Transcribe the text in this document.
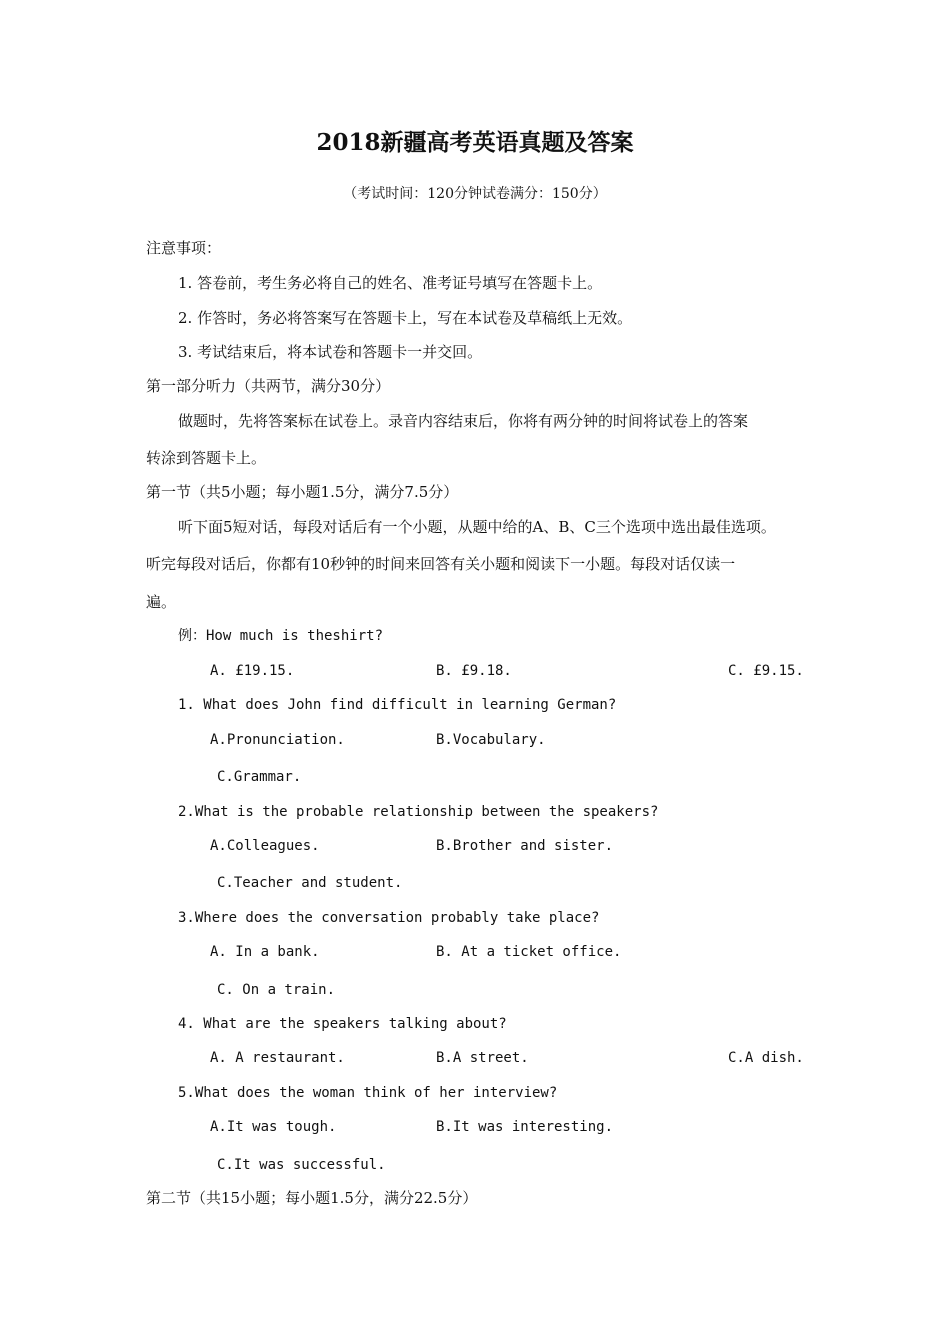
2018新疆高考英语真题及答案
（考试时间：120分钟试卷满分：150分）
注意事项：
1. 答卷前，考生务必将自己的姓名、准考证号填写在答题卡上。
2. 作答时，务必将答案写在答题卡上，写在本试卷及草稿纸上无效。
3. 考试结束后，将本试卷和答题卡一并交回。
第一部分听力（共两节，满分30分）
做题时，先将答案标在试卷上。录音内容结束后，你将有两分钟的时间将试卷上的答案
转涂到答题卡上。
第一节（共5小题；每小题1.5分，满分7.5分）
听下面5短对话，每段对话后有一个小题，从题中给的A、B、C三个选项中选出最佳选项。
听完每段对话后，你都有10秒钟的时间来回答有关小题和阅读下一小题。每段对话仅读一
遍。
例：How much is theshirt?
A. £19.15.	B. £9.18.	C. £9.15.
1. What does John find difficult in learning German?
A.Pronunciation.	B.Vocabulary.
C.Grammar.
2.What is the probable relationship between the speakers?
A.Colleagues.	B.Brother and sister.
C.Teacher and student.
3.Where does the conversation probably take place?
A. In a bank.	B. At a ticket office.
C. On a train.
4. What are the speakers talking about?
A. A restaurant.	B.A street.	C.A dish.
5.What does the woman think of her interview?
A.It was tough.	B.It was interesting.
C.It was successful.
第二节（共15小题；每小题1.5分，满分22.5分）
